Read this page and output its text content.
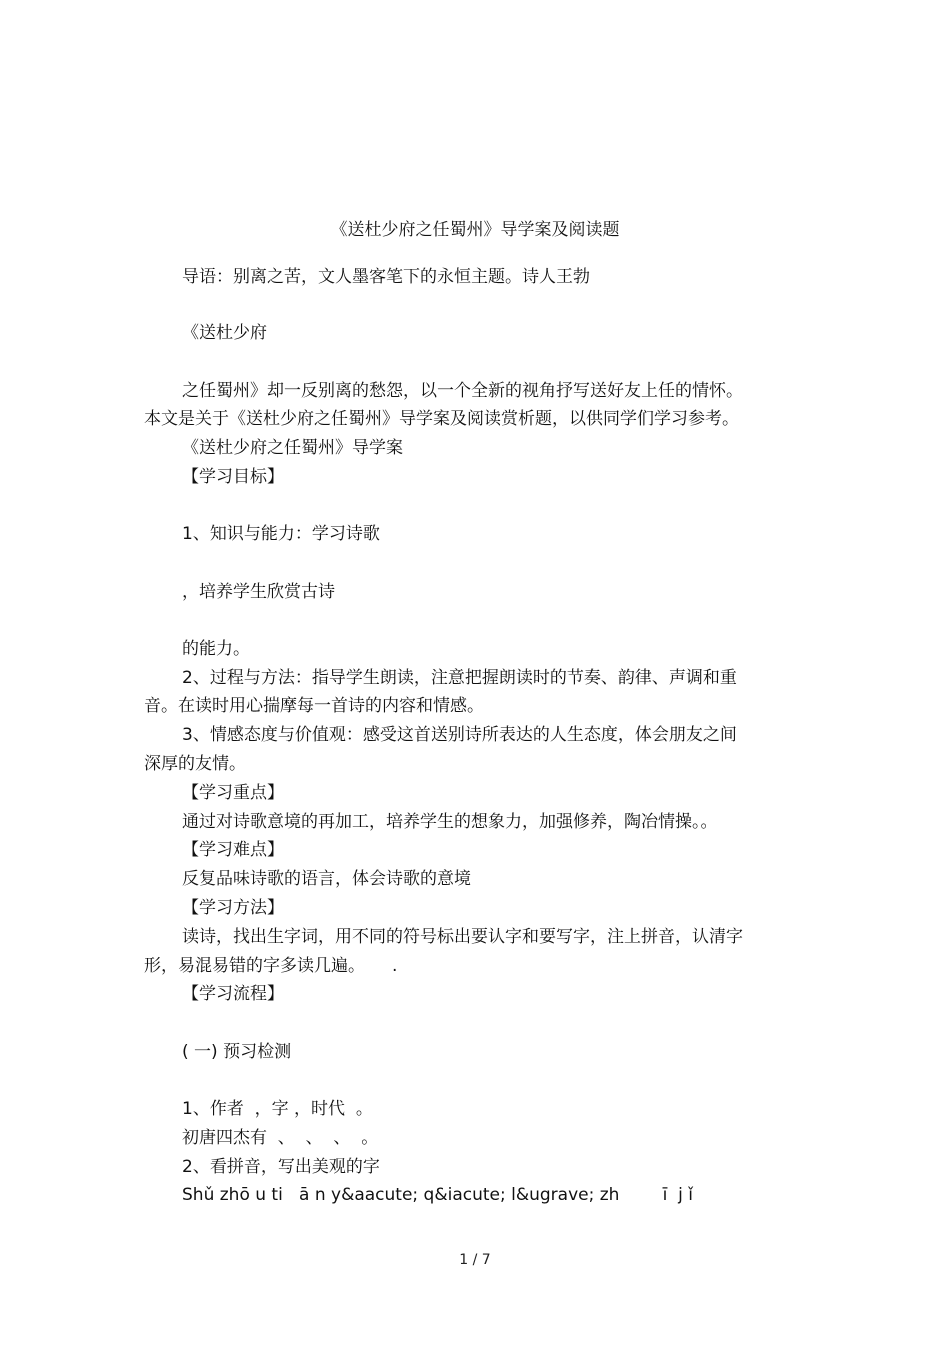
《送杜少府之任蜀州》导学案及阅读题
导语：别离之苦，文人墨客笔下的永恒主题。诗人王勃
《送杜少府
之任蜀州》却一反别离的愁怨，以一个全新的视角抒写送好友上任的情怀。
本文是关于《送杜少府之任蜀州》导学案及阅读赏析题，以供同学们学习参考。
《送杜少府之任蜀州》导学案
【学习目标】
1、知识与能力：学习诗歌
，培养学生欣赏古诗
的能力。
2、过程与方法：指导学生朗读，注意把握朗读时的节奏、韵律、声调和重
音。在读时用心揣摩每一首诗的内容和情感。
3、情感态度与价值观：感受这首送别诗所表达的人生态度，体会朋友之间
深厚的友情。
【学习重点】
通过对诗歌意境的再加工，培养学生的想象力，加强修养，陶冶情操。。
【学习难点】
反复品味诗歌的语言，体会诗歌的意境
【学习方法】
读诗，找出生字词，用不同的符号标出要认字和要写字，注上拼音，认清字
形，易混易错的字多读几遍。     .
【学习流程】
( 一) 预习检测
1、作者  ，字 ，时代  。
初唐四杰有  、  、  、  。
2、看拼音，写出美观的字
Shǔ zhō u ti   ā n y&aacute; q&iacute; l&ugrave; zh        ī  j ǐ
1 / 7
